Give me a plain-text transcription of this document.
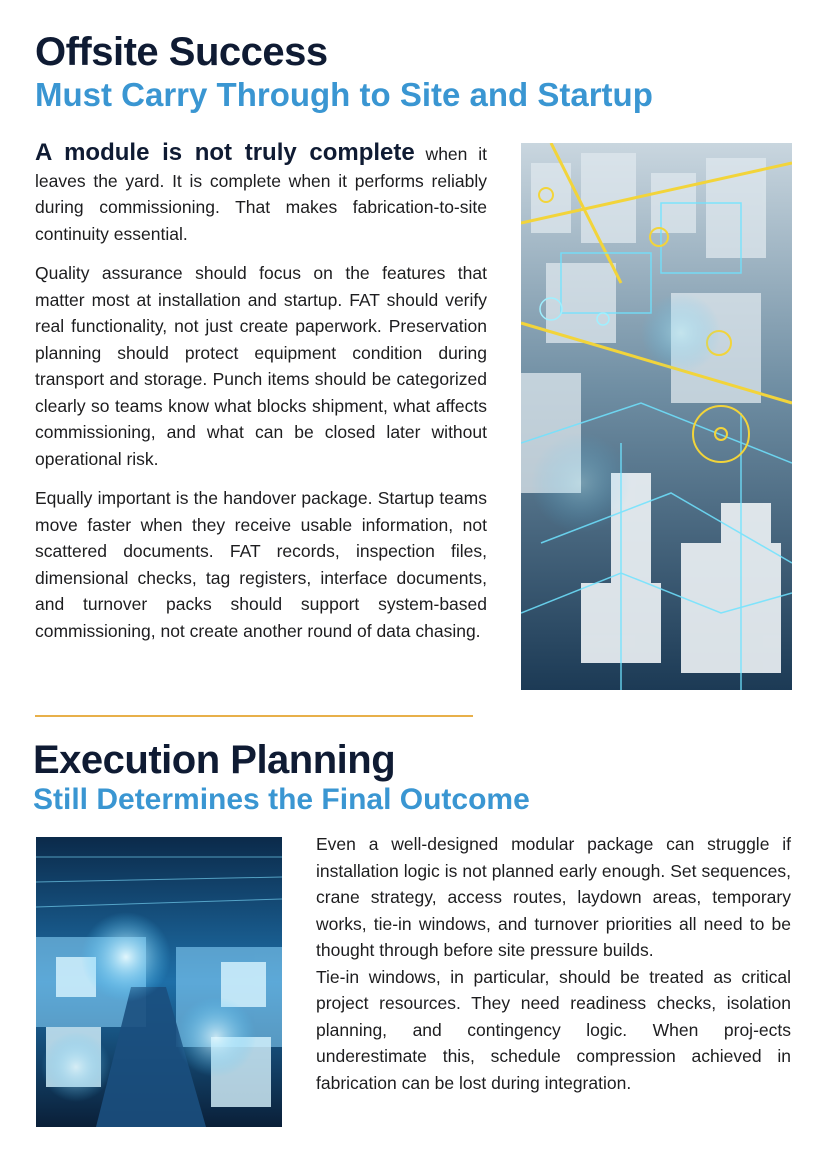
Offsite Success
Must Carry Through to Site and Startup

A module is not truly complete when it leaves the yard. It is complete when it performs reliably during commissioning. That makes fabrication-to-site continuity essential.

Quality assurance should focus on the features that matter most at installation and startup. FAT should verify real functionality, not just create paperwork. Preservation planning should protect equipment condition during transport and storage. Punch items should be categorized clearly so teams know what blocks shipment, what affects commissioning, and what can be closed later without operational risk.

Equally important is the handover package. Startup teams move faster when they receive usable information, not scattered documents. FAT records, inspection files, dimensional checks, tag registers, interface documents, and turnover packs should support system-based commissioning, not create another round of data chasing.

Execution Planning
Still Determines the Final Outcome

Even a well-designed modular package can struggle if installation logic is not planned early enough. Set sequences, crane strategy, access routes, laydown areas, temporary works, tie-in windows, and turnover priorities all need to be thought through before site pressure builds.

Tie-in windows, in particular, should be treated as critical project resources. They need readiness checks, isolation planning, and contingency logic. When proj-ects underestimate this, schedule compression achieved in fabrication can be lost during integration.
